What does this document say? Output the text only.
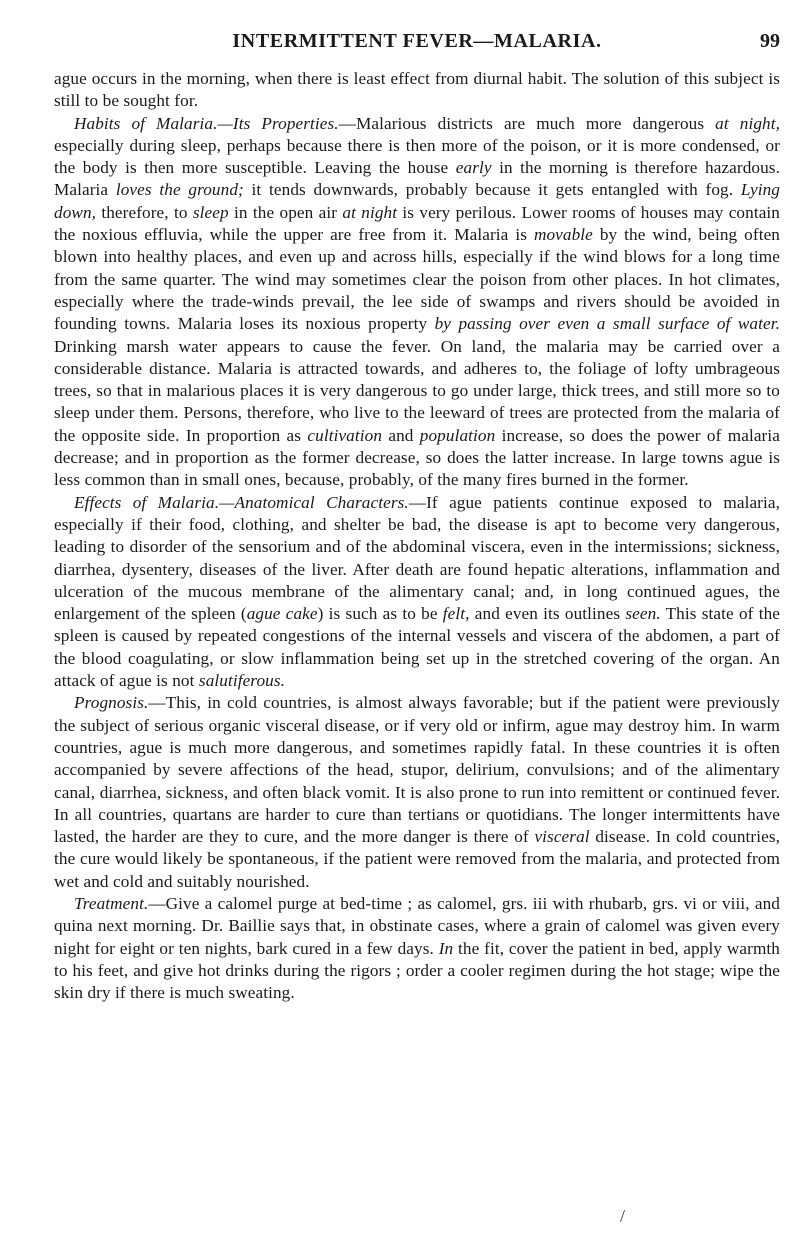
INTERMITTENT FEVER—MALARIA.	99

ague occurs in the morning, when there is least effect from diurnal habit. The solution of this subject is still to be sought for.

Habits of Malaria.—Its Properties.—Malarious districts are much more dangerous at night, especially during sleep, perhaps because there is then more of the poison, or it is more condensed, or the body is then more susceptible. Leaving the house early in the morning is therefore hazardous. Malaria loves the ground; it tends downwards, probably because it gets entangled with fog. Lying down, therefore, to sleep in the open air at night is very perilous. Lower rooms of houses may contain the noxious effluvia, while the upper are free from it. Malaria is movable by the wind, being often blown into healthy places, and even up and across hills, especially if the wind blows for a long time from the same quarter. The wind may sometimes clear the poison from other places. In hot climates, especially where the trade-winds prevail, the lee side of swamps and rivers should be avoided in founding towns. Malaria loses its noxious property by passing over even a small surface of water. Drinking marsh water appears to cause the fever. On land, the malaria may be carried over a considerable distance. Malaria is attracted towards, and adheres to, the foliage of lofty umbrageous trees, so that in malarious places it is very dangerous to go under large, thick trees, and still more so to sleep under them. Persons, therefore, who live to the leeward of trees are protected from the malaria of the opposite side. In proportion as cultivation and population increase, so does the power of malaria decrease; and in proportion as the former decrease, so does the latter increase. In large towns ague is less common than in small ones, because, probably, of the many fires burned in the former.

Effects of Malaria.—Anatomical Characters.—If ague patients continue exposed to malaria, especially if their food, clothing, and shelter be bad, the disease is apt to become very dangerous, leading to disorder of the sensorium and of the abdominal viscera, even in the intermissions; sickness, diarrhea, dysentery, diseases of the liver. After death are found hepatic alterations, inflammation and ulceration of the mucous membrane of the alimentary canal; and, in long continued agues, the enlargement of the spleen (ague cake) is such as to be felt, and even its outlines seen. This state of the spleen is caused by repeated congestions of the internal vessels and viscera of the abdomen, a part of the blood coagulating, or slow inflammation being set up in the stretched covering of the organ. An attack of ague is not salutiferous.

Prognosis.—This, in cold countries, is almost always favorable; but if the patient were previously the subject of serious organic visceral disease, or if very old or infirm, ague may destroy him. In warm countries, ague is much more dangerous, and sometimes rapidly fatal. In these countries it is often accompanied by severe affections of the head, stupor, delirium, convulsions; and of the alimentary canal, diarrhea, sickness, and often black vomit. It is also prone to run into remittent or continued fever. In all countries, quartans are harder to cure than tertians or quotidians. The longer intermittents have lasted, the harder are they to cure, and the more danger is there of visceral disease. In cold countries, the cure would likely be spontaneous, if the patient were removed from the malaria, and protected from wet and cold and suitably nourished.

Treatment.—Give a calomel purge at bed-time ; as calomel, grs. iii with rhubarb, grs. vi or viii, and quina next morning. Dr. Baillie says that, in obstinate cases, where a grain of calomel was given every night for eight or ten nights, bark cured in a few days. In the fit, cover the patient in bed, apply warmth to his feet, and give hot drinks during the rigors ; order a cooler regimen during the hot stage; wipe the skin dry if there is much sweating.

/
